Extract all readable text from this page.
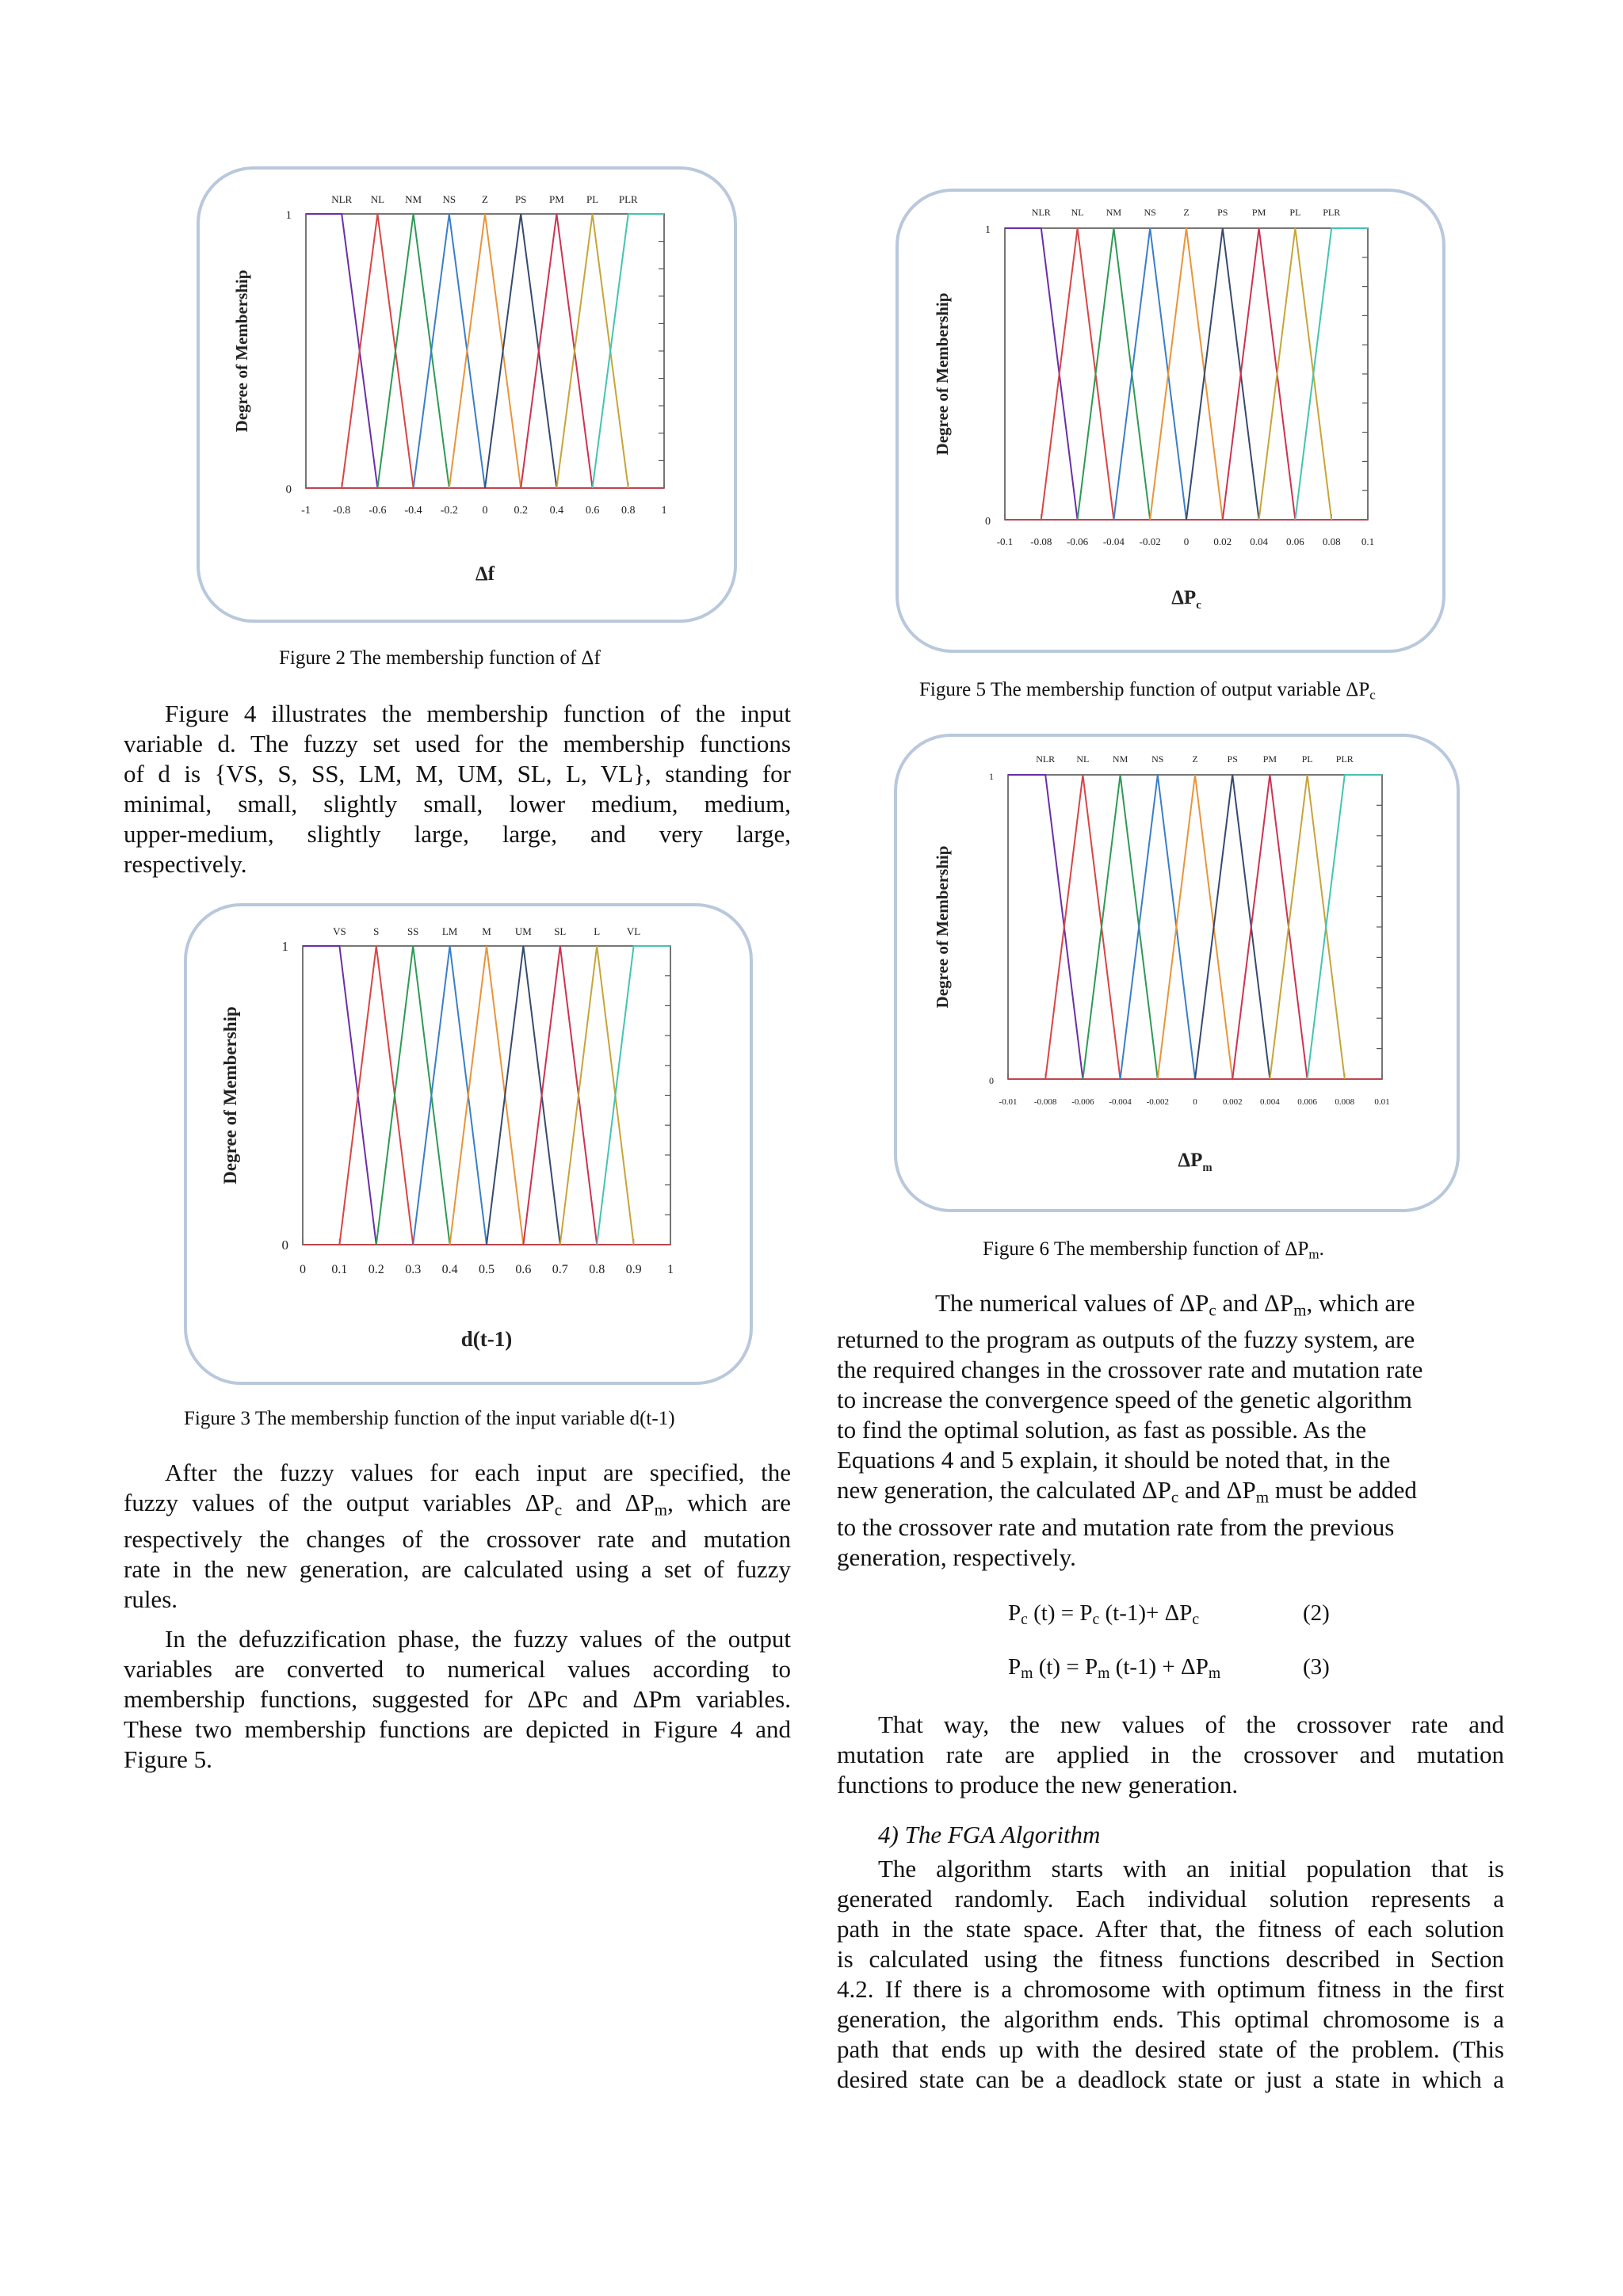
-1 -0.8 -0.6 -0.4 -0.2 0 0.2 0.4 0.6 0.8 1
0
1
NLR NL NM NS	Z	PS PM PL PLR
Degree of Membership
Δf
Figure 2 The membership function of Δf
Figure 4 illustrates the membership function of the input
variable d. The fuzzy set used for the membership functions
of d is {VS, S, SS, LM, M, UM, SL, L, VL}, standing for
minimal, small, slightly small, lower medium, medium,
upper-medium, slightly large, large, and very large,
respectively.
0 0.1 0.2 0.3 0.4 0.5 0.6 0.7 0.8 0.9 1
0
1
VS	S	SS LM M UM SL	L	VL
Degree of Membership
d(t-1)
Figure 3 The membership function of the input variable d(t-1)
After the fuzzy values for each input are specified, the
fuzzy values of the output variables $\Delta P_c$ and $\Delta P_m$, which are
respectively the changes of the crossover rate and mutation
rate in the new generation, are calculated using a set of fuzzy
rules.
In the defuzzification phase, the fuzzy values of the output
variables are converted to numerical values according to
membership functions, suggested for ΔPc and ΔPm variables.
These two membership functions are depicted in Figure 4 and
Figure 5.
-0.1 -0.08 -0.06 -0.04 -0.02 0 0.02 0.04 0.06 0.08 0.1
0
1
NLR NL NM NS	Z	PS	PM	PL PLR
Degree of Membership
$\Delta P_c$
Figure 5 The membership function of output variable $\Delta P_c$
-0.01 -0.008 -0.006 -0.004 -0.002	0	0.002 0.004 0.006 0.008 0.01
0
1
NLR NL NM NS	Z	PS	PM	PL PLR
Degree of Membership
$\Delta P_m$
Figure 6 The membership function of $\Delta P_m$.
The numerical values of $\Delta P_c$ and $\Delta P_m$, which are
returned to the program as outputs of the fuzzy system, are
the required changes in the crossover rate and mutation rate
to increase the convergence speed of the genetic algorithm
to find the optimal solution, as fast as possible. As the
Equations 4 and 5 explain, it should be noted that, in the
new generation, the calculated $\Delta P_c$ and $\Delta P_m$ must be added
to the crossover rate and mutation rate from the previous
generation, respectively.
$P_c$ $(t) = P_c$ $(t-1)+ \Delta P_c$	(2)
$P_m$ $(t) = P_m$ $(t-1) + \Delta P_m$	(3)
That way, the new values of the crossover rate and
mutation rate are applied in the crossover and mutation
functions to produce the new generation.
4) The FGA Algorithm
The algorithm starts with an initial population that is
generated randomly. Each individual solution represents a
path in the state space. After that, the fitness of each solution
is calculated using the fitness functions described in Section
4.2. If there is a chromosome with optimum fitness in the first
generation, the algorithm ends. This optimal chromosome is a
path that ends up with the desired state of the problem. (This
desired state can be a deadlock state or just a state in which a
